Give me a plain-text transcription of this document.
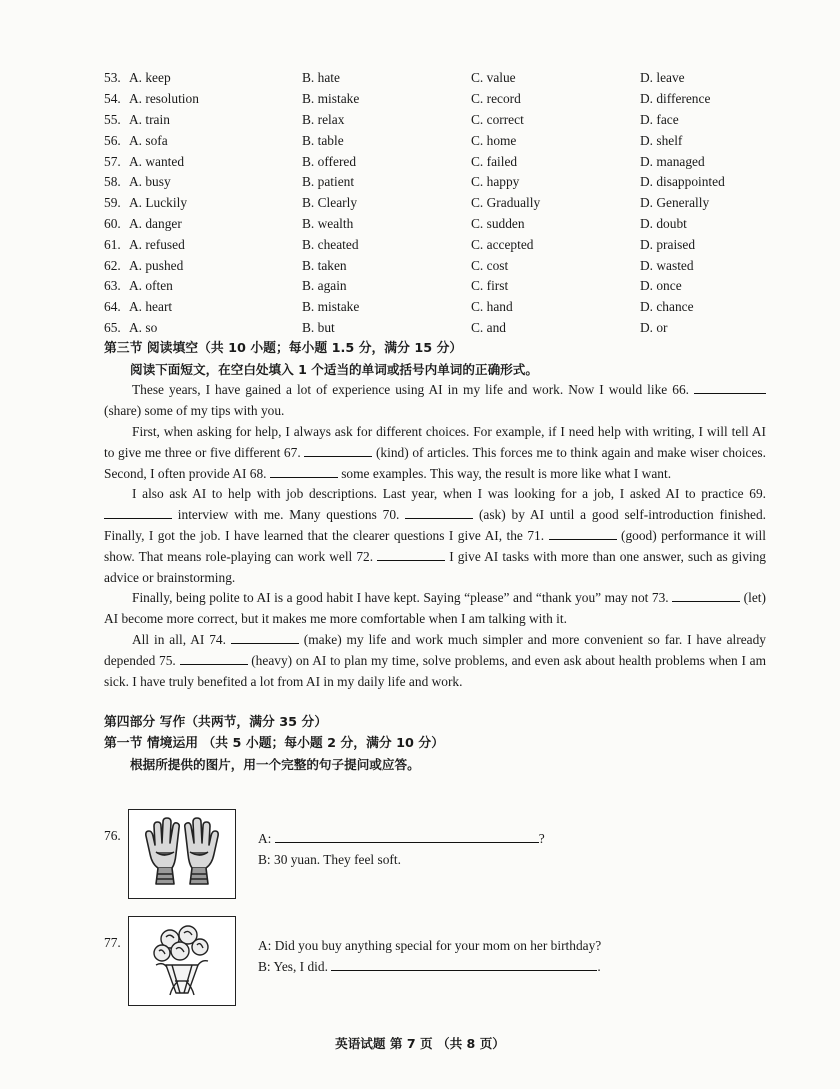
53. A. keep	B. hate	C. value	D. leave
54. A. resolution	B. mistake	C. record	D. difference
55. A. train	B. relax	C. correct	D. face
56. A. sofa	B. table	C. home	D. shelf
57. A. wanted	B. offered	C. failed	D. managed
58. A. busy	B. patient	C. happy	D. disappointed
59. A. Luckily	B. Clearly	C. Gradually	D. Generally
60. A. danger	B. wealth	C. sudden	D. doubt
61. A. refused	B. cheated	C. accepted	D. praised
62. A. pushed	B. taken	C. cost	D. wasted
63. A. often	B. again	C. first	D. once
64. A. heart	B. mistake	C. hand	D. chance
65. A. so	B. but	C. and	D. or
第三节 阅读填空（共 10 小题；每小题 1.5 分，满分 15 分）
阅读下面短文，在空白处填入 1 个适当的单词或括号内单词的正确形式。

These years, I have gained a lot of experience using AI in my life and work. Now I would like 66.  (share) some of my tips with you.

First, when asking for help, I always ask for different choices. For example, if I need help with writing, I will tell AI to give me three or five different 67.	(kind) of articles. This forces me to think again and make wiser choices. Second, I often provide AI 68.	some examples. This way, the result is more like what I want.

I also ask AI to help with job descriptions. Last year, when I was looking for a job, I asked AI to practice 69.  interview with me. Many questions 70.	(ask) by AI until a good self-introduction finished. Finally, I got the job. I have learned that the clearer questions I give AI, the 71.	(good) performance it will show. That means role-playing can work well 72.	I give AI tasks with more than one answer, such as giving advice or brainstorming.

Finally, being polite to AI is a good habit I have kept. Saying “please” and “thank you” may not 73.	(let) AI become more correct, but it makes me more comfortable when I am talking with it.

All in all, AI 74.	(make) my life and work much simpler and more convenient so far. I have already depended 75.	(heavy) on AI to plan my time, solve problems, and even ask about health problems when I am sick. I have truly benefited a lot from AI in my daily life and work.

第四部分 写作（共两节，满分 35 分）
第一节 情境运用 （共 5 小题；每小题 2 分，满分 10 分）
根据所提供的图片，用一个完整的句子提问或应答。
76.	A:	?
B: 30 yuan. They feel soft.
77.	A: Did you buy anything special for your mom on her birthday?
B: Yes, I did.	.
英语试题 第 7 页 （共 8 页）
